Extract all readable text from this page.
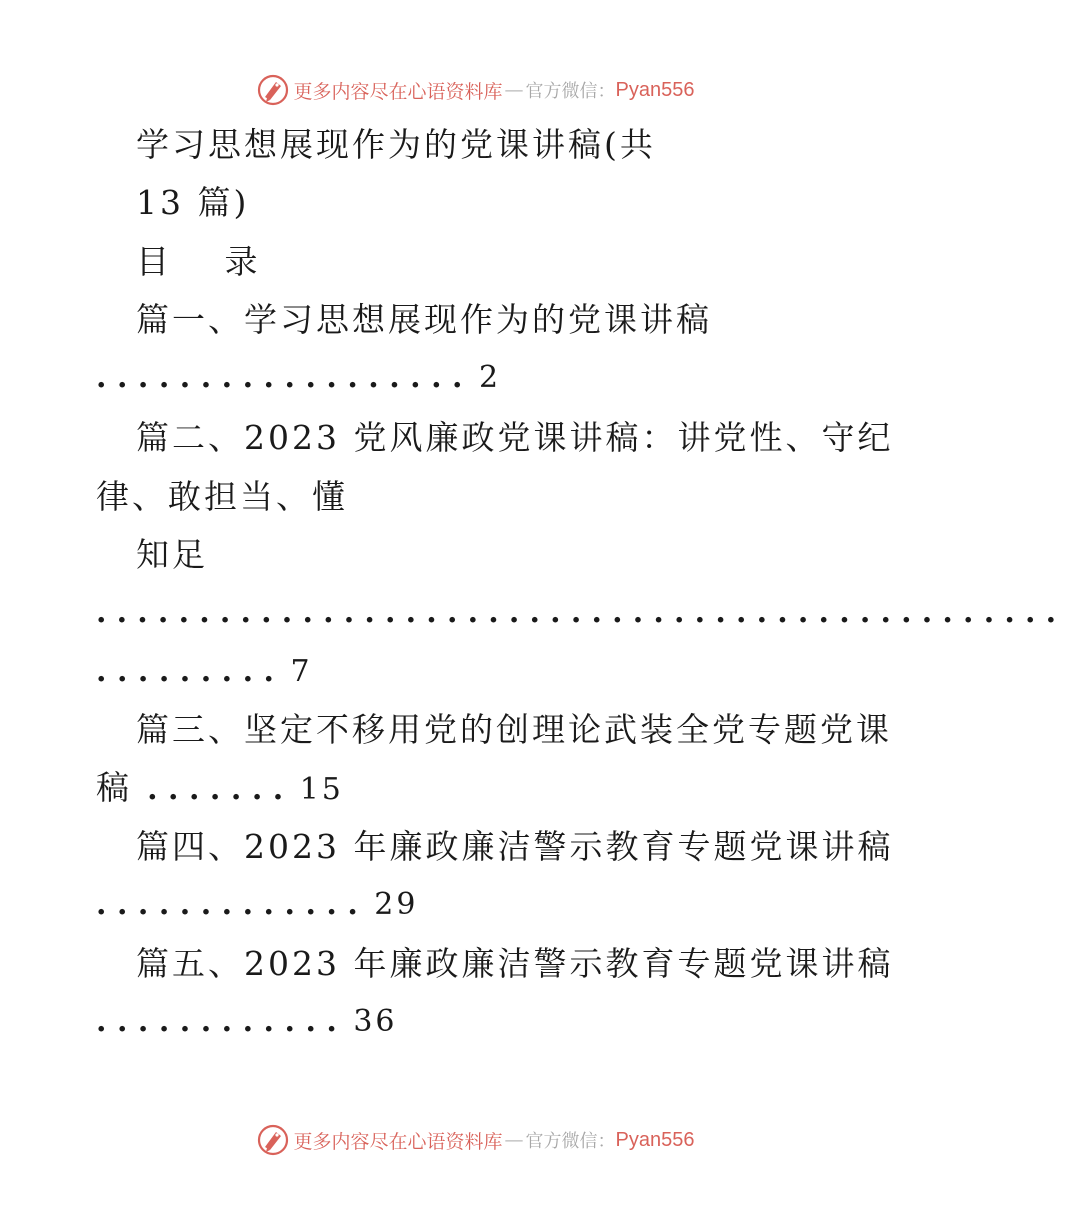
更多内容尽在心语资料库 — 官方微信： Pyan556
学习思想展现作为的党课讲稿(共
13 篇)
目   录
篇一、学习思想展现作为的党课讲稿
.................. 2
篇二、2023 党风廉政党课讲稿：讲党性、守纪
律、敢担当、懂
知足
...............................................
......... 7
篇三、坚定不移用党的创理论武装全党专题党课
稿 ....... 15
篇四、2023 年廉政廉洁警示教育专题党课讲稿
............. 29
篇五、2023 年廉政廉洁警示教育专题党课讲稿
............ 36
更多内容尽在心语资料库 — 官方微信： Pyan556
